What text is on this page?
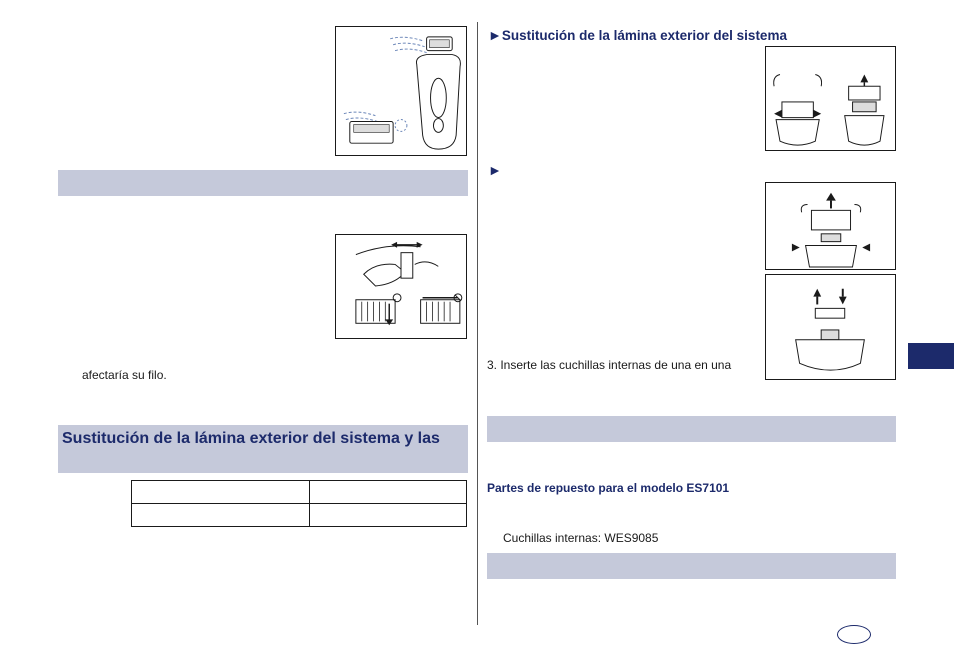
afectaría su filo.
Sustitución de la lámina exterior del sistema y las

►Sustitución de la lámina exterior del sistema
►
3. Inserte las cuchillas internas de una en una
Partes de repuesto para el modelo ES7101
Cuchillas internas: WES9085
